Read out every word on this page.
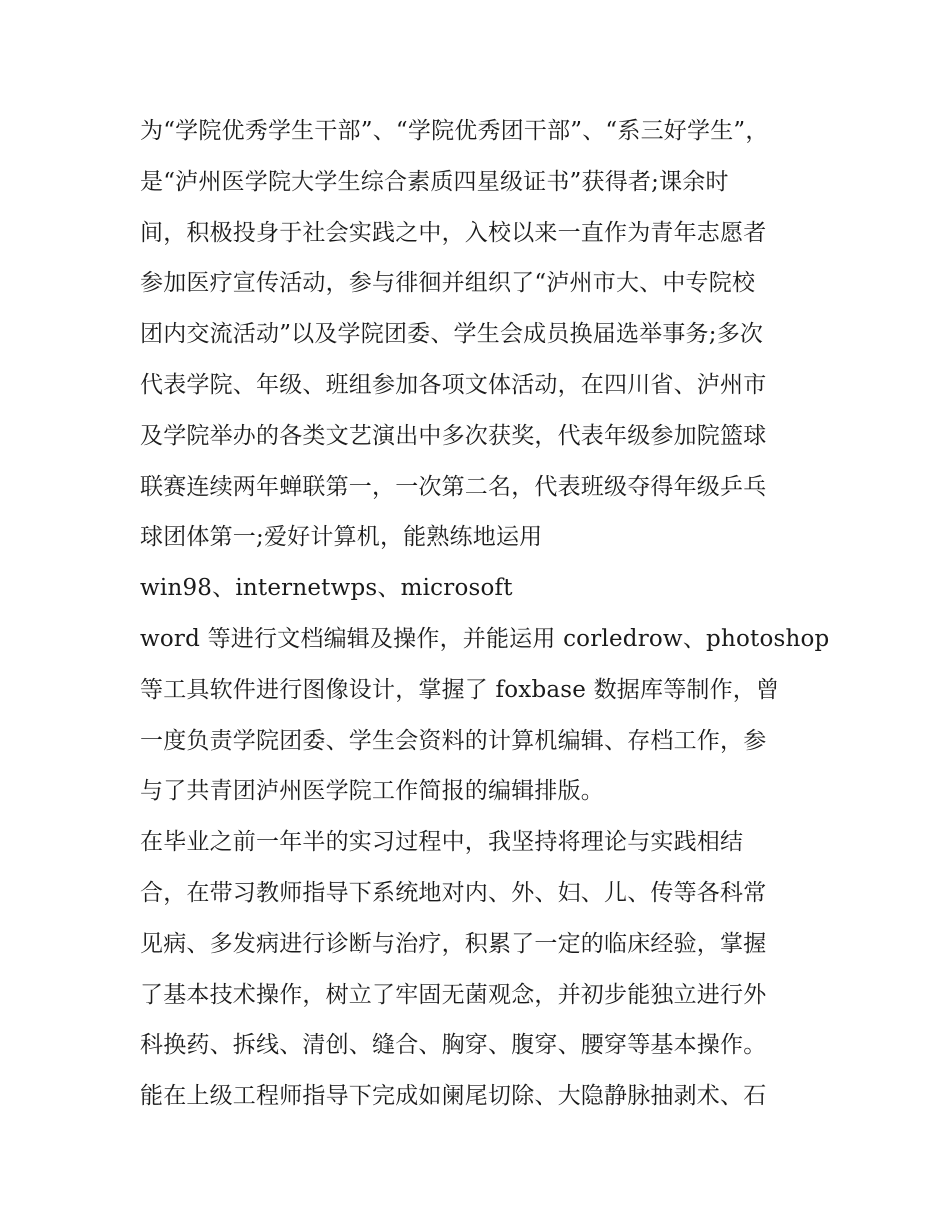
为“学院优秀学生干部”、“学院优秀团干部”、“系三好学生”，
是“泸州医学院大学生综合素质四星级证书”获得者;课余时
间，积极投身于社会实践之中，入校以来一直作为青年志愿者
参加医疗宣传活动，参与徘徊并组织了“泸州市大、中专院校
团内交流活动”以及学院团委、学生会成员换届选举事务;多次
代表学院、年级、班组参加各项文体活动，在四川省、泸州市
及学院举办的各类文艺演出中多次获奖，代表年级参加院篮球
联赛连续两年蝉联第一，一次第二名，代表班级夺得年级乒乓
球团体第一;爱好计算机，能熟练地运用
win98、internetwps、microsoft
word 等进行文档编辑及操作，并能运用 corledrow、photoshop
等工具软件进行图像设计，掌握了 foxbase 数据库等制作，曾
一度负责学院团委、学生会资料的计算机编辑、存档工作，参
与了共青团泸州医学院工作简报的编辑排版。
在毕业之前一年半的实习过程中，我坚持将理论与实践相结
合，在带习教师指导下系统地对内、外、妇、儿、传等各科常
见病、多发病进行诊断与治疗，积累了一定的临床经验，掌握
了基本技术操作，树立了牢固无菌观念，并初步能独立进行外
科换药、拆线、清创、缝合、胸穿、腹穿、腰穿等基本操作。
能在上级工程师指导下完成如阑尾切除、大隐静脉抽剥术、石
